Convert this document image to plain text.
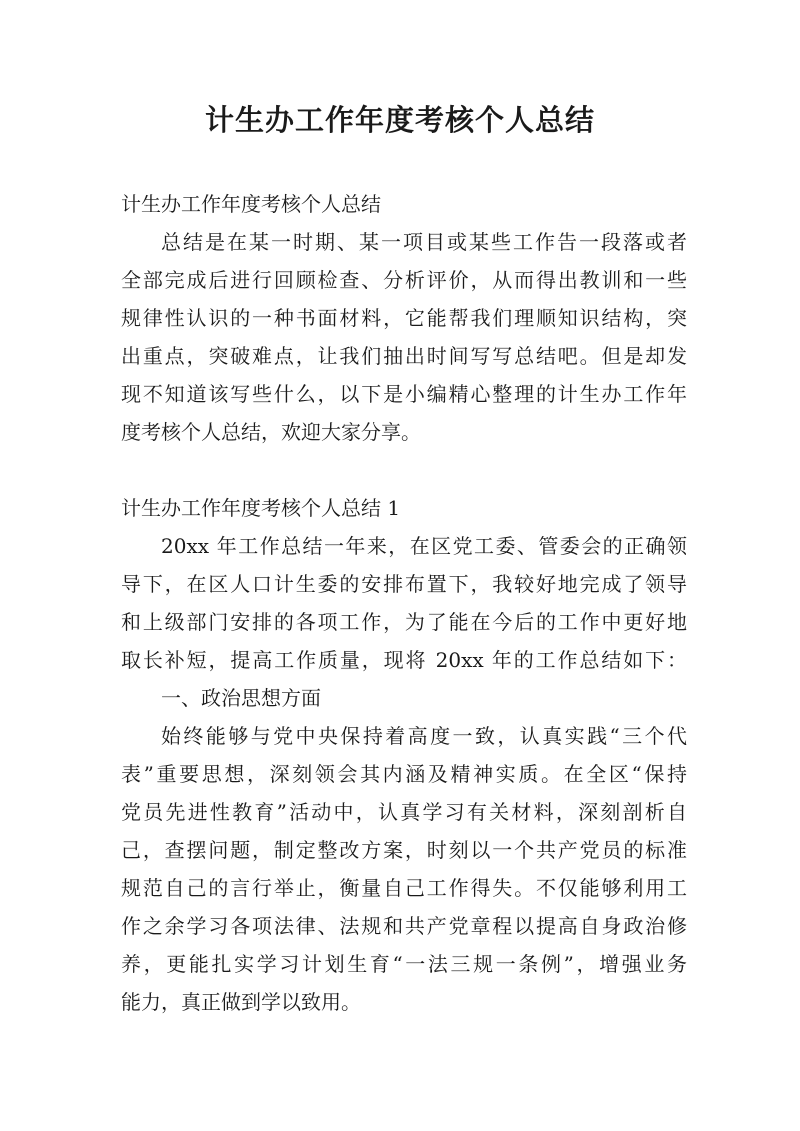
计生办工作年度考核个人总结
计生办工作年度考核个人总结
总结是在某一时期、某一项目或某些工作告一段落或者
全部完成后进行回顾检查、分析评价，从而得出教训和一些
规律性认识的一种书面材料，它能帮我们理顺知识结构，突
出重点，突破难点，让我们抽出时间写写总结吧。但是却发
现不知道该写些什么，以下是小编精心整理的计生办工作年
度考核个人总结，欢迎大家分享。
计生办工作年度考核个人总结 1
20xx 年工作总结一年来，在区党工委、管委会的正确领
导下，在区人口计生委的安排布置下，我较好地完成了领导
和上级部门安排的各项工作，为了能在今后的工作中更好地
取长补短，提高工作质量，现将 20xx 年的工作总结如下：
一、政治思想方面
始终能够与党中央保持着高度一致，认真实践“三个代
表”重要思想，深刻领会其内涵及精神实质。在全区“保持
党员先进性教育”活动中，认真学习有关材料，深刻剖析自
己，查摆问题，制定整改方案，时刻以一个共产党员的标准
规范自己的言行举止，衡量自己工作得失。不仅能够利用工
作之余学习各项法律、法规和共产党章程以提高自身政治修
养，更能扎实学习计划生育“一法三规一条例”，增强业务
能力，真正做到学以致用。
